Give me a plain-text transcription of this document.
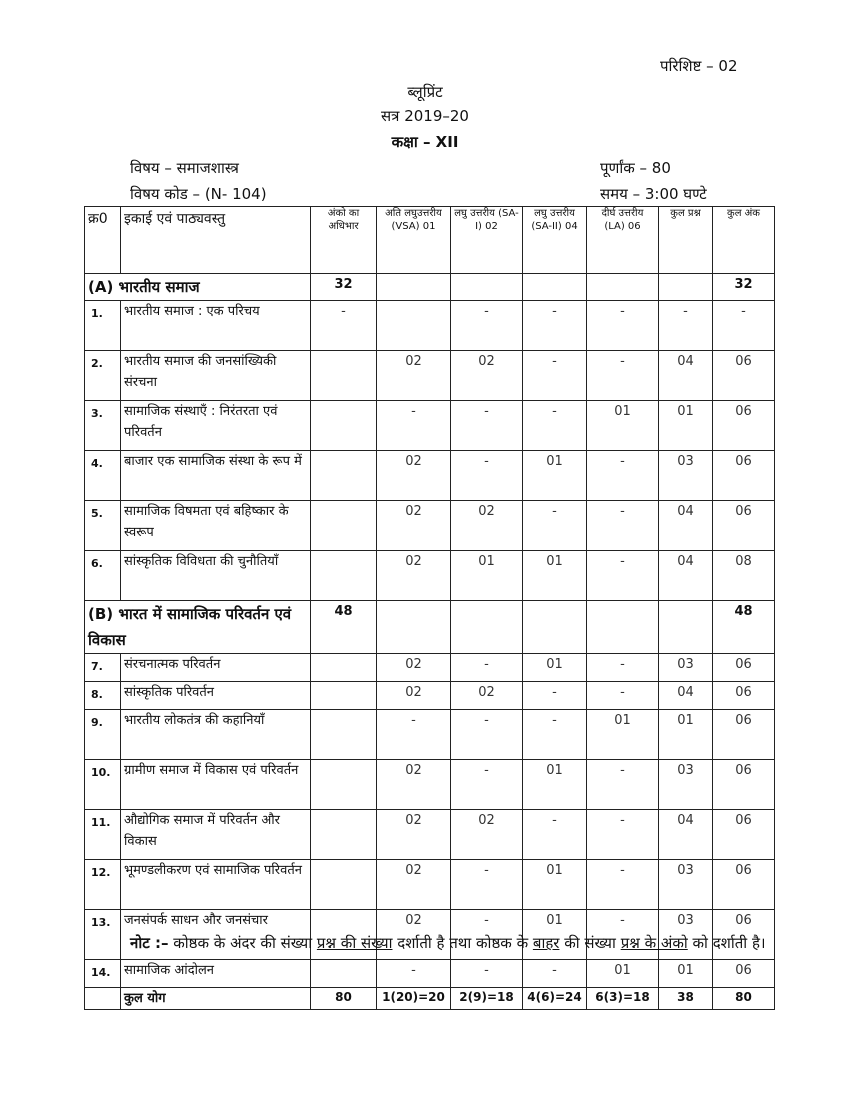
परिशिष्ट – 02
ब्लूप्रिंट
सत्र 2019–20
कक्षा – XII
विषय – समाजशास्त्र
विषय कोड – (N- 104)
पूर्णांक – 80
समय – 3:00 घण्टे
क्र0	इकाई एवं पाठ्यवस्तु	अंको का अधिभार	अति लघुउत्तरीय (VSA) 01	लघु उत्तरीय (SA-I) 02	लघु उत्तरीय (SA-II) 04	दीर्घ उत्तरीय (LA) 06	कुल प्रश्न	कुल अंक
(A) भारतीय समाज		32						32
1.	भारतीय समाज : एक परिचय	-		-	-	-	-	-
2.	भारतीय समाज की जनसांख्यिकी संरचना		02	02	-	-	04	06
3.	सामाजिक संस्थाएँ : निरंतरता एवं परिवर्तन		-	-	-	01	01	06
4.	बाजार एक सामाजिक संस्था के रूप में		02	-	01	-	03	06
5.	सामाजिक विषमता एवं बहिष्कार के स्वरूप		02	02	-	-	04	06
6.	सांस्कृतिक विविधता की चुनौतियाँ		02	01	01	-	04	08
(B) भारत में सामाजिक परिवर्तन एवं विकास		48						48
7.	संरचनात्मक परिवर्तन		02	-	01	-	03	06
8.	सांस्कृतिक परिवर्तन		02	02	-	-	04	06
9.	भारतीय लोकतंत्र की कहानियाँ		-	-	-	01	01	06
10.	ग्रामीण समाज में विकास एवं परिवर्तन		02	-	01	-	03	06
11.	औद्योगिक समाज में परिवर्तन और विकास		02	02	-	-	04	06
12.	भूमण्डलीकरण एवं सामाजिक परिवर्तन		02	-	01	-	03	06
13.	जनसंपर्क साधन और जनसंचार		02	-	01	-	03	06
14.	सामाजिक आंदोलन		-	-	-	01	01	06
	कुल योग	80	1(20)=20	2(9)=18	4(6)=24	6(3)=18	38	80
नोट :– कोष्ठक के अंदर की संख्या प्रश्न की संख्या दर्शाती है तथा कोष्ठक के बाहर की संख्या प्रश्न के अंको को दर्शाती है।
